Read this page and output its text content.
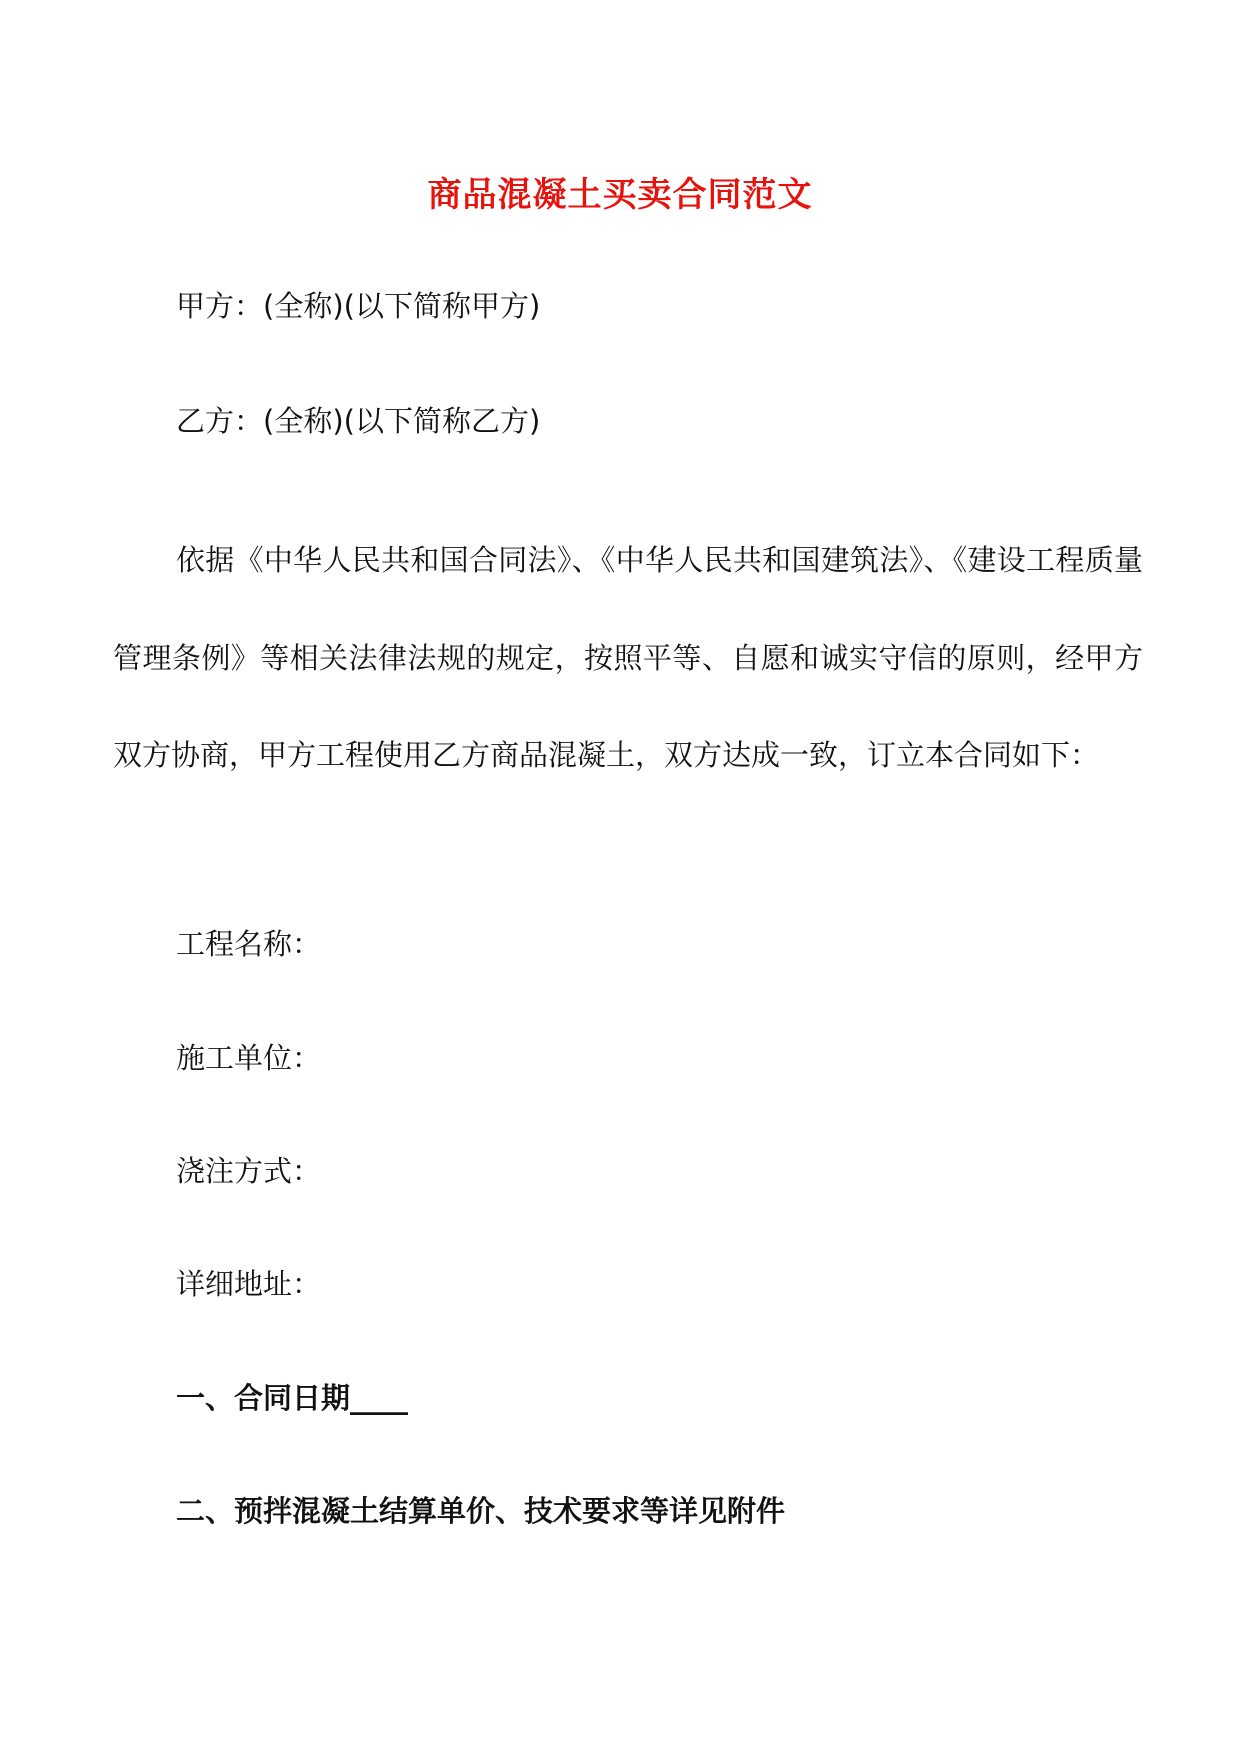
商品混凝土买卖合同范文
甲方：(全称)(以下简称甲方)
乙方：(全称)(以下简称乙方)

依据《中华人民共和国合同法》、《中华人民共和国建筑法》、《建设工程质量管理条例》等相关法律法规的规定，按照平等、自愿和诚实守信的原则，经甲方双方协商，甲方工程使用乙方商品混凝土，双方达成一致，订立本合同如下：

工程名称：
施工单位：
浇注方式：
详细地址：
一、合同日期____
二、预拌混凝土结算单价、技术要求等详见附件
